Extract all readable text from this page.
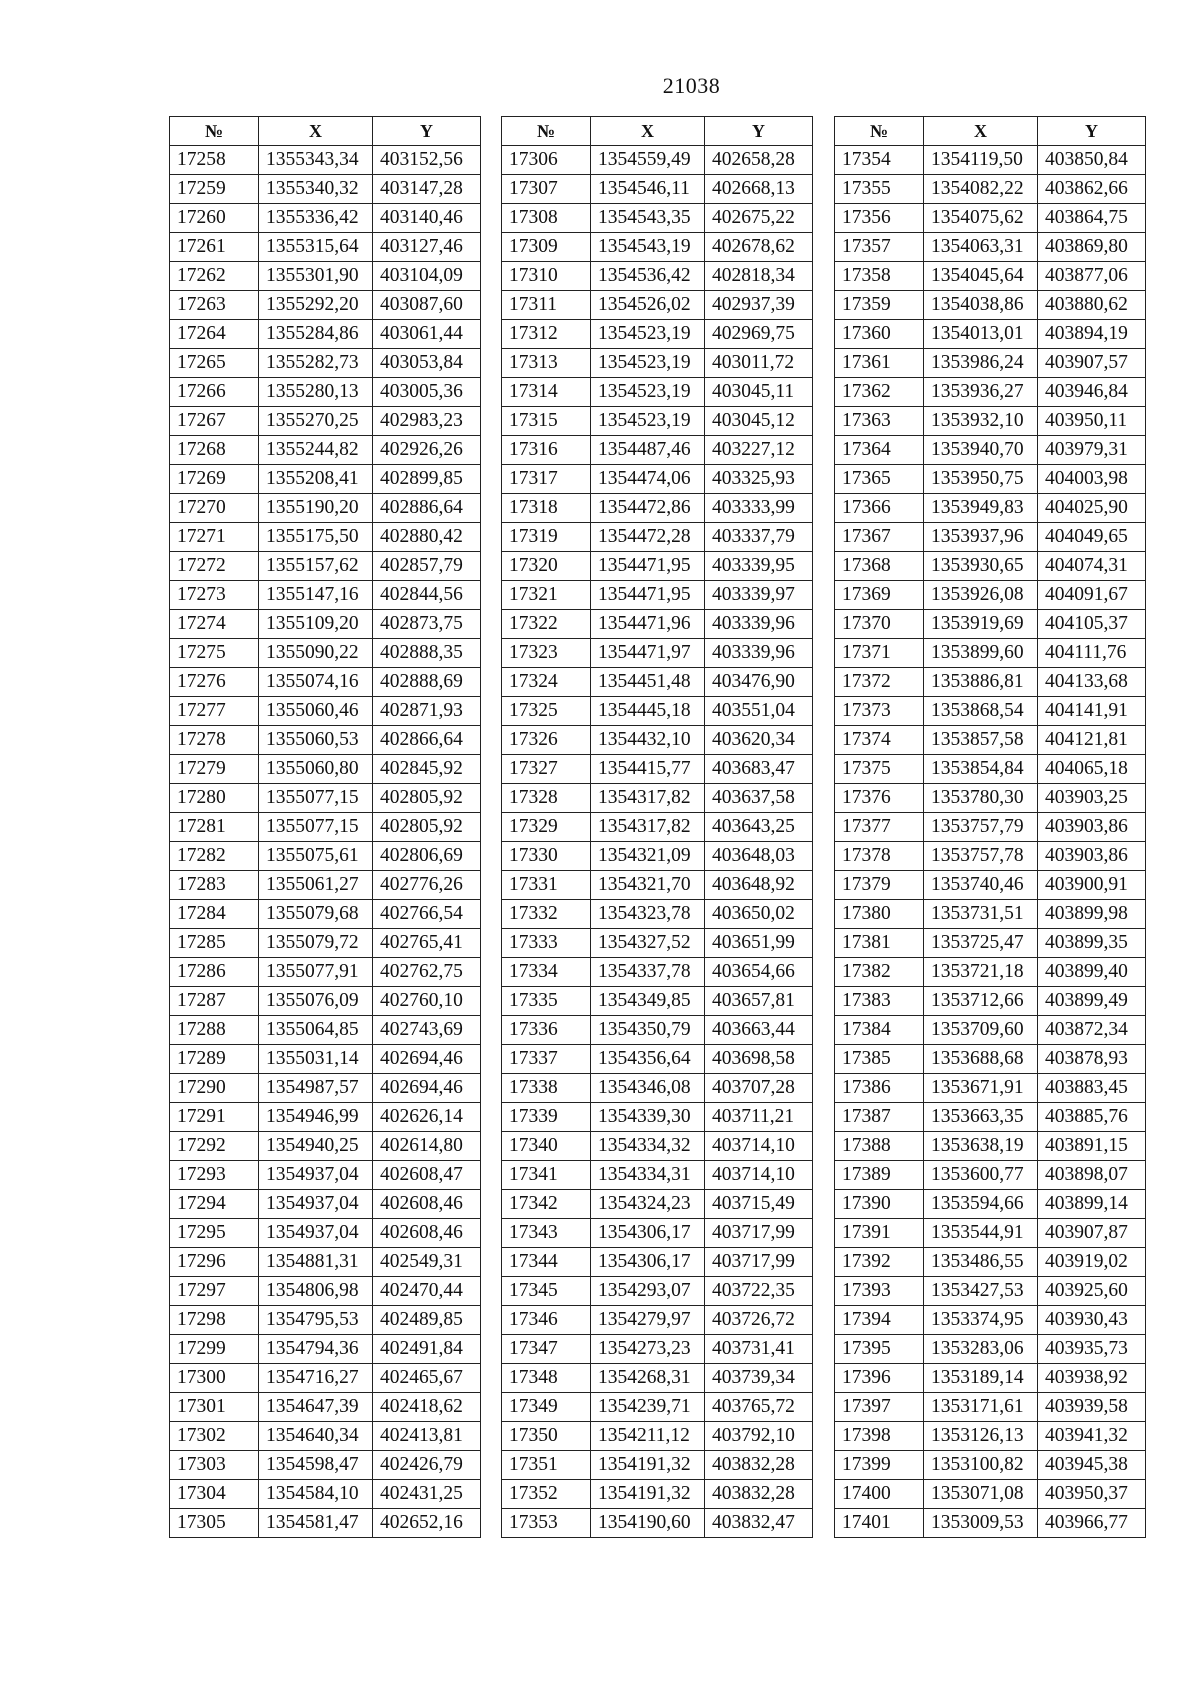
21038
№	X	Y
17258	1355343,34	403152,56
17259	1355340,32	403147,28
17260	1355336,42	403140,46
17261	1355315,64	403127,46
17262	1355301,90	403104,09
17263	1355292,20	403087,60
17264	1355284,86	403061,44
17265	1355282,73	403053,84
17266	1355280,13	403005,36
17267	1355270,25	402983,23
17268	1355244,82	402926,26
17269	1355208,41	402899,85
17270	1355190,20	402886,64
17271	1355175,50	402880,42
17272	1355157,62	402857,79
17273	1355147,16	402844,56
17274	1355109,20	402873,75
17275	1355090,22	402888,35
17276	1355074,16	402888,69
17277	1355060,46	402871,93
17278	1355060,53	402866,64
17279	1355060,80	402845,92
17280	1355077,15	402805,92
17281	1355077,15	402805,92
17282	1355075,61	402806,69
17283	1355061,27	402776,26
17284	1355079,68	402766,54
17285	1355079,72	402765,41
17286	1355077,91	402762,75
17287	1355076,09	402760,10
17288	1355064,85	402743,69
17289	1355031,14	402694,46
17290	1354987,57	402694,46
17291	1354946,99	402626,14
17292	1354940,25	402614,80
17293	1354937,04	402608,47
17294	1354937,04	402608,46
17295	1354937,04	402608,46
17296	1354881,31	402549,31
17297	1354806,98	402470,44
17298	1354795,53	402489,85
17299	1354794,36	402491,84
17300	1354716,27	402465,67
17301	1354647,39	402418,62
17302	1354640,34	402413,81
17303	1354598,47	402426,79
17304	1354584,10	402431,25
17305	1354581,47	402652,16
№	X	Y
17306	1354559,49	402658,28
17307	1354546,11	402668,13
17308	1354543,35	402675,22
17309	1354543,19	402678,62
17310	1354536,42	402818,34
17311	1354526,02	402937,39
17312	1354523,19	402969,75
17313	1354523,19	403011,72
17314	1354523,19	403045,11
17315	1354523,19	403045,12
17316	1354487,46	403227,12
17317	1354474,06	403325,93
17318	1354472,86	403333,99
17319	1354472,28	403337,79
17320	1354471,95	403339,95
17321	1354471,95	403339,97
17322	1354471,96	403339,96
17323	1354471,97	403339,96
17324	1354451,48	403476,90
17325	1354445,18	403551,04
17326	1354432,10	403620,34
17327	1354415,77	403683,47
17328	1354317,82	403637,58
17329	1354317,82	403643,25
17330	1354321,09	403648,03
17331	1354321,70	403648,92
17332	1354323,78	403650,02
17333	1354327,52	403651,99
17334	1354337,78	403654,66
17335	1354349,85	403657,81
17336	1354350,79	403663,44
17337	1354356,64	403698,58
17338	1354346,08	403707,28
17339	1354339,30	403711,21
17340	1354334,32	403714,10
17341	1354334,31	403714,10
17342	1354324,23	403715,49
17343	1354306,17	403717,99
17344	1354306,17	403717,99
17345	1354293,07	403722,35
17346	1354279,97	403726,72
17347	1354273,23	403731,41
17348	1354268,31	403739,34
17349	1354239,71	403765,72
17350	1354211,12	403792,10
17351	1354191,32	403832,28
17352	1354191,32	403832,28
17353	1354190,60	403832,47
№	X	Y
17354	1354119,50	403850,84
17355	1354082,22	403862,66
17356	1354075,62	403864,75
17357	1354063,31	403869,80
17358	1354045,64	403877,06
17359	1354038,86	403880,62
17360	1354013,01	403894,19
17361	1353986,24	403907,57
17362	1353936,27	403946,84
17363	1353932,10	403950,11
17364	1353940,70	403979,31
17365	1353950,75	404003,98
17366	1353949,83	404025,90
17367	1353937,96	404049,65
17368	1353930,65	404074,31
17369	1353926,08	404091,67
17370	1353919,69	404105,37
17371	1353899,60	404111,76
17372	1353886,81	404133,68
17373	1353868,54	404141,91
17374	1353857,58	404121,81
17375	1353854,84	404065,18
17376	1353780,30	403903,25
17377	1353757,79	403903,86
17378	1353757,78	403903,86
17379	1353740,46	403900,91
17380	1353731,51	403899,98
17381	1353725,47	403899,35
17382	1353721,18	403899,40
17383	1353712,66	403899,49
17384	1353709,60	403872,34
17385	1353688,68	403878,93
17386	1353671,91	403883,45
17387	1353663,35	403885,76
17388	1353638,19	403891,15
17389	1353600,77	403898,07
17390	1353594,66	403899,14
17391	1353544,91	403907,87
17392	1353486,55	403919,02
17393	1353427,53	403925,60
17394	1353374,95	403930,43
17395	1353283,06	403935,73
17396	1353189,14	403938,92
17397	1353171,61	403939,58
17398	1353126,13	403941,32
17399	1353100,82	403945,38
17400	1353071,08	403950,37
17401	1353009,53	403966,77
